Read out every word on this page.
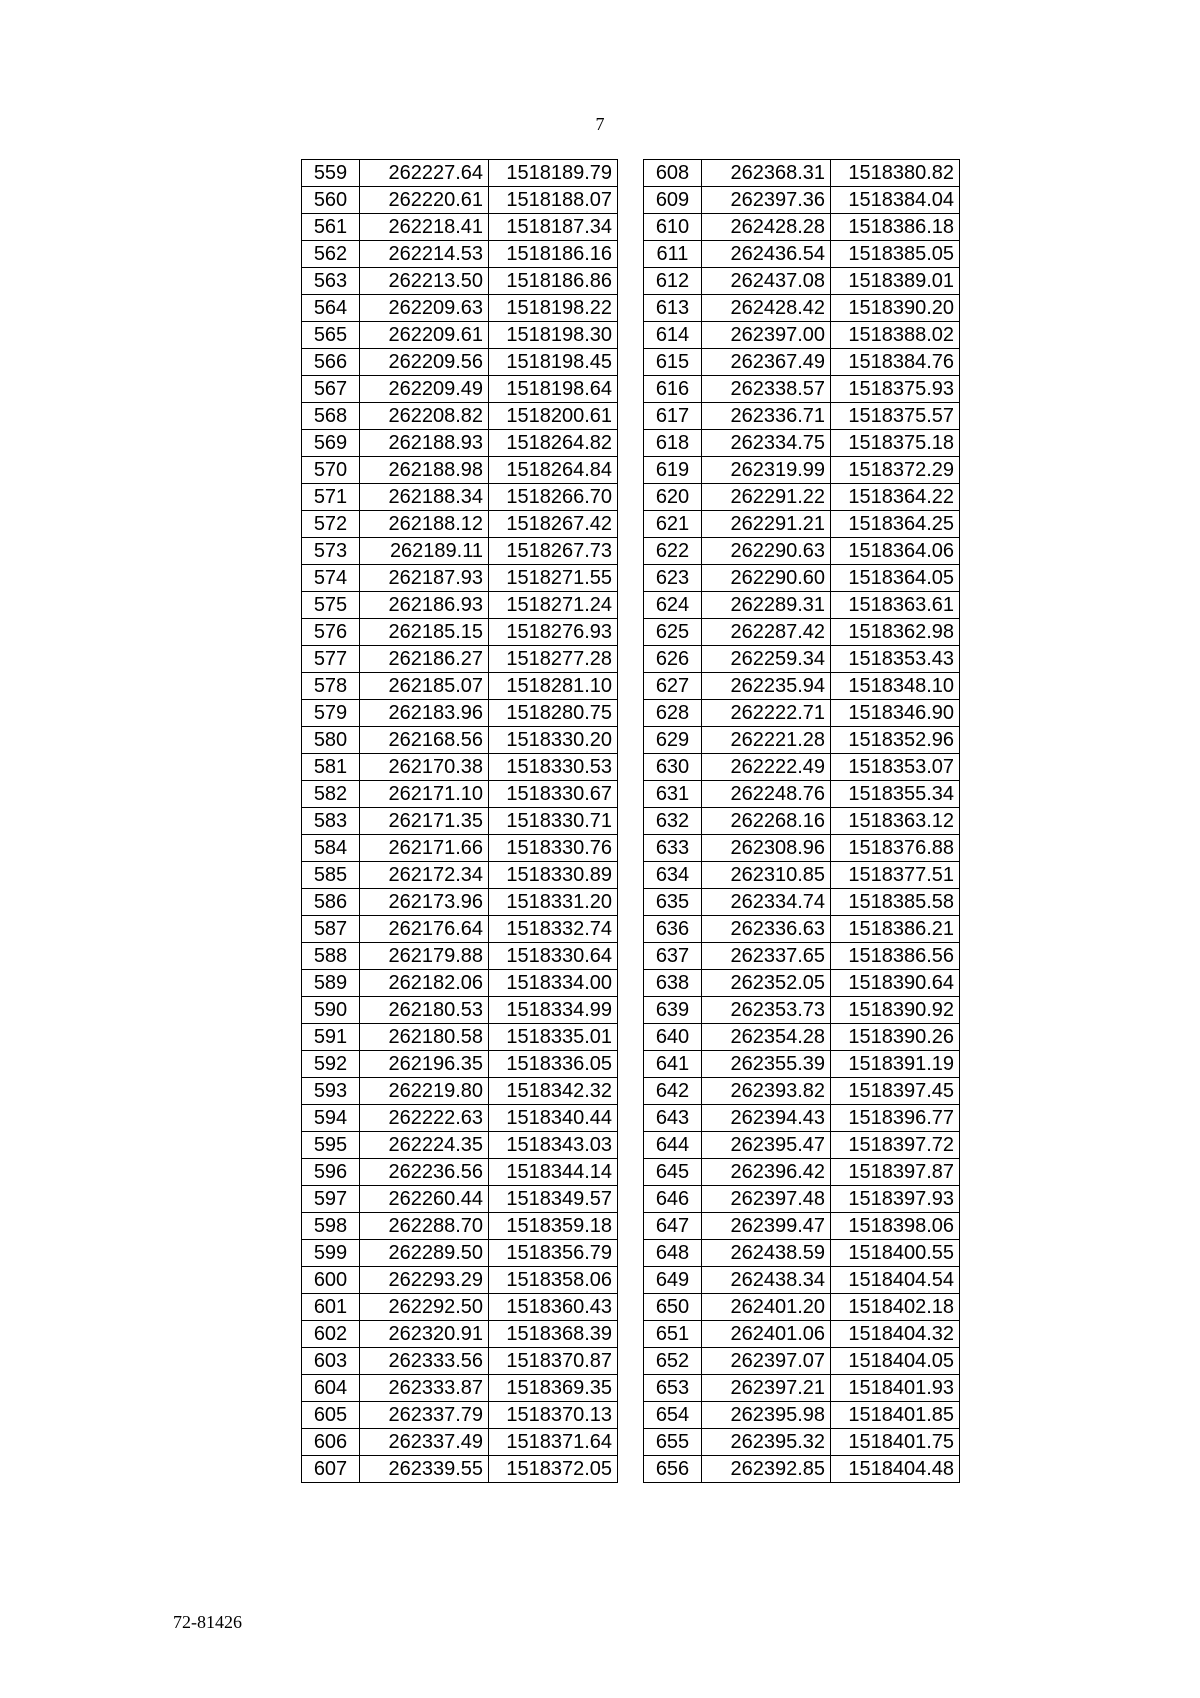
7
559	262227.64	1518189.79
560	262220.61	1518188.07
561	262218.41	1518187.34
562	262214.53	1518186.16
563	262213.50	1518186.86
564	262209.63	1518198.22
565	262209.61	1518198.30
566	262209.56	1518198.45
567	262209.49	1518198.64
568	262208.82	1518200.61
569	262188.93	1518264.82
570	262188.98	1518264.84
571	262188.34	1518266.70
572	262188.12	1518267.42
573	262189.11	1518267.73
574	262187.93	1518271.55
575	262186.93	1518271.24
576	262185.15	1518276.93
577	262186.27	1518277.28
578	262185.07	1518281.10
579	262183.96	1518280.75
580	262168.56	1518330.20
581	262170.38	1518330.53
582	262171.10	1518330.67
583	262171.35	1518330.71
584	262171.66	1518330.76
585	262172.34	1518330.89
586	262173.96	1518331.20
587	262176.64	1518332.74
588	262179.88	1518330.64
589	262182.06	1518334.00
590	262180.53	1518334.99
591	262180.58	1518335.01
592	262196.35	1518336.05
593	262219.80	1518342.32
594	262222.63	1518340.44
595	262224.35	1518343.03
596	262236.56	1518344.14
597	262260.44	1518349.57
598	262288.70	1518359.18
599	262289.50	1518356.79
600	262293.29	1518358.06
601	262292.50	1518360.43
602	262320.91	1518368.39
603	262333.56	1518370.87
604	262333.87	1518369.35
605	262337.79	1518370.13
606	262337.49	1518371.64
607	262339.55	1518372.05
608	262368.31	1518380.82
609	262397.36	1518384.04
610	262428.28	1518386.18
611	262436.54	1518385.05
612	262437.08	1518389.01
613	262428.42	1518390.20
614	262397.00	1518388.02
615	262367.49	1518384.76
616	262338.57	1518375.93
617	262336.71	1518375.57
618	262334.75	1518375.18
619	262319.99	1518372.29
620	262291.22	1518364.22
621	262291.21	1518364.25
622	262290.63	1518364.06
623	262290.60	1518364.05
624	262289.31	1518363.61
625	262287.42	1518362.98
626	262259.34	1518353.43
627	262235.94	1518348.10
628	262222.71	1518346.90
629	262221.28	1518352.96
630	262222.49	1518353.07
631	262248.76	1518355.34
632	262268.16	1518363.12
633	262308.96	1518376.88
634	262310.85	1518377.51
635	262334.74	1518385.58
636	262336.63	1518386.21
637	262337.65	1518386.56
638	262352.05	1518390.64
639	262353.73	1518390.92
640	262354.28	1518390.26
641	262355.39	1518391.19
642	262393.82	1518397.45
643	262394.43	1518396.77
644	262395.47	1518397.72
645	262396.42	1518397.87
646	262397.48	1518397.93
647	262399.47	1518398.06
648	262438.59	1518400.55
649	262438.34	1518404.54
650	262401.20	1518402.18
651	262401.06	1518404.32
652	262397.07	1518404.05
653	262397.21	1518401.93
654	262395.98	1518401.85
655	262395.32	1518401.75
656	262392.85	1518404.48
72-81426
